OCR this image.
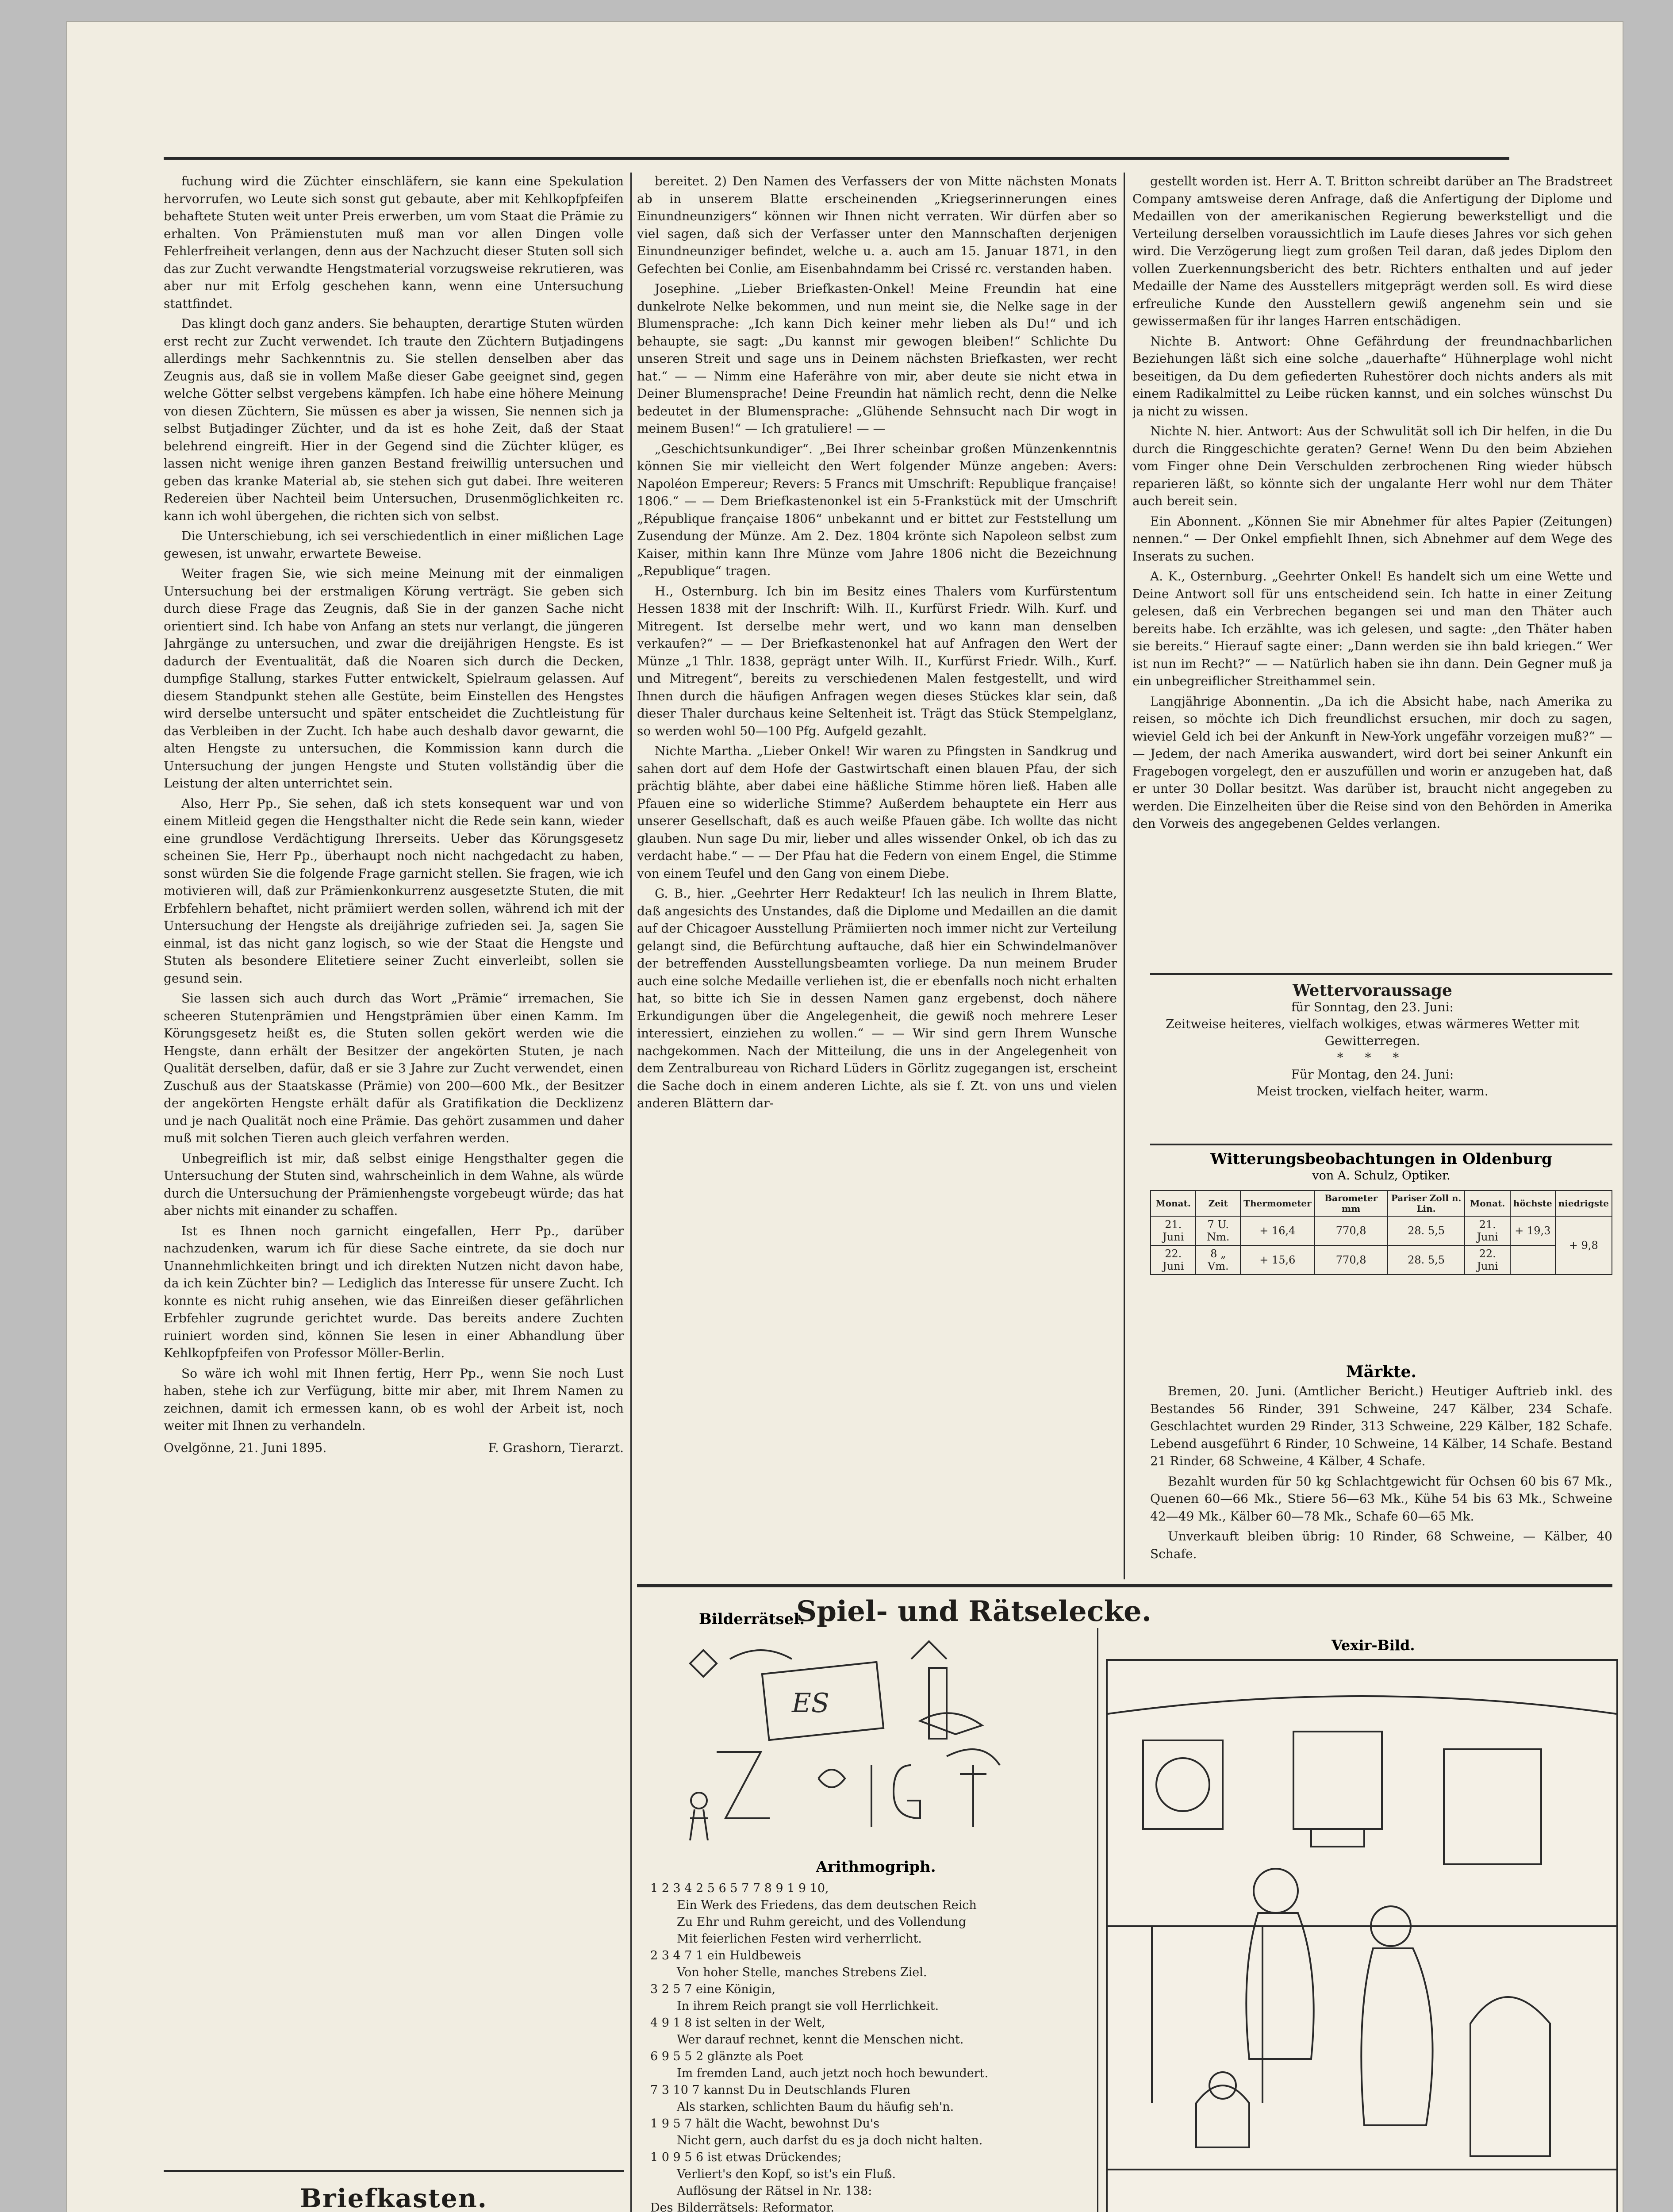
fuchung wird die Züchter einschläfern, sie kann eine Spekulation hervorrufen, wo Leute sich sonst gut gebaute, aber mit Kehlkopfpfeifen behaftete Stuten weit unter Preis erwerben, um vom Staat die Prämie zu erhalten. Von Prämienstuten muß man vor allen Dingen volle Fehlerfreiheit verlangen, denn aus der Nachzucht dieser Stuten soll sich das zur Zucht verwandte Hengstmaterial vorzugsweise rekrutieren, was aber nur mit Erfolg geschehen kann, wenn eine Untersuchung stattfindet.

Das klingt doch ganz anders. Sie behaupten, derartige Stuten würden erst recht zur Zucht verwendet. Ich traute den Züchtern Butjadingens allerdings mehr Sachkenntnis zu. Sie stellen denselben aber das Zeugnis aus, daß sie in vollem Maße dieser Gabe geeignet sind, gegen welche Götter selbst vergebens kämpfen. Ich habe eine höhere Meinung von diesen Züchtern, Sie müssen es aber ja wissen, Sie nennen sich ja selbst Butjadinger Züchter, und da ist es hohe Zeit, daß der Staat belehrend eingreift. Hier in der Gegend sind die Züchter klüger, es lassen nicht wenige ihren ganzen Bestand freiwillig untersuchen und geben das kranke Material ab, sie stehen sich gut dabei. Ihre weiteren Redereien über Nachteil beim Untersuchen, Drusenmöglichkeiten rc. kann ich wohl übergehen, die richten sich von selbst.

Die Unterschiebung, ich sei verschiedentlich in einer mißlichen Lage gewesen, ist unwahr, erwartete Beweise.

Weiter fragen Sie, wie sich meine Meinung mit der einmaligen Untersuchung bei der erstmaligen Körung verträgt. Sie geben sich durch diese Frage das Zeugnis, daß Sie in der ganzen Sache nicht orientiert sind. Ich habe von Anfang an stets nur verlangt, die jüngeren Jahrgänge zu untersuchen, und zwar die dreijährigen Hengste. Es ist dadurch der Eventualität, daß die Noaren sich durch die Decken, dumpfige Stallung, starkes Futter entwickelt, Spielraum gelassen. Auf diesem Standpunkt stehen alle Gestüte, beim Einstellen des Hengstes wird derselbe untersucht und später entscheidet die Zuchtleistung für das Verbleiben in der Zucht. Ich habe auch deshalb davor gewarnt, die alten Hengste zu untersuchen, die Kommission kann durch die Untersuchung der jungen Hengste und Stuten vollständig über die Leistung der alten unterrichtet sein.

Also, Herr Pp., Sie sehen, daß ich stets konsequent war und von einem Mitleid gegen die Hengsthalter nicht die Rede sein kann, wieder eine grundlose Verdächtigung Ihrerseits. Ueber das Körungsgesetz scheinen Sie, Herr Pp., überhaupt noch nicht nachgedacht zu haben, sonst würden Sie die folgende Frage garnicht stellen. Sie fragen, wie ich motivieren will, daß zur Prämienkonkurrenz ausgesetzte Stuten, die mit Erbfehlern behaftet, nicht prämiiert werden sollen, während ich mit der Untersuchung der Hengste als dreijährige zufrieden sei. Ja, sagen Sie einmal, ist das nicht ganz logisch, so wie der Staat die Hengste und Stuten als besondere Elitetiere seiner Zucht einverleibt, sollen sie gesund sein.

Sie lassen sich auch durch das Wort „Prämie“ irremachen, Sie scheeren Stutenprämien und Hengstprämien über einen Kamm. Im Körungsgesetz heißt es, die Stuten sollen gekört werden wie die Hengste, dann erhält der Besitzer der angekörten Stuten, je nach Qualität derselben, dafür, daß er sie 3 Jahre zur Zucht verwendet, einen Zuschuß aus der Staatskasse (Prämie) von 200—600 Mk., der Besitzer der angekörten Hengste erhält dafür als Gratifikation die Decklizenz und je nach Qualität noch eine Prämie. Das gehört zusammen und daher muß mit solchen Tieren auch gleich verfahren werden.

Unbegreiflich ist mir, daß selbst einige Hengsthalter gegen die Untersuchung der Stuten sind, wahrscheinlich in dem Wahne, als würde durch die Untersuchung der Prämienhengste vorgebeugt würde; das hat aber nichts mit einander zu schaffen.

Ist es Ihnen noch garnicht eingefallen, Herr Pp., darüber nachzudenken, warum ich für diese Sache eintrete, da sie doch nur Unannehmlichkeiten bringt und ich direkten Nutzen nicht davon habe, da ich kein Züchter bin? — Lediglich das Interesse für unsere Zucht. Ich konnte es nicht ruhig ansehen, wie das Einreißen dieser gefährlichen Erbfehler zugrunde gerichtet wurde. Das bereits andere Zuchten ruiniert worden sind, können Sie lesen in einer Abhandlung über Kehlkopfpfeifen von Professor Möller-Berlin.

So wäre ich wohl mit Ihnen fertig, Herr Pp., wenn Sie noch Lust haben, stehe ich zur Verfügung, bitte mir aber, mit Ihrem Namen zu zeichnen, damit ich ermessen kann, ob es wohl der Arbeit ist, noch weiter mit Ihnen zu verhandeln.

Ovelgönne, 21. Juni 1895.	F. Grashorn, Tierarzt.
Briefkasten.

bereitet. 2) Den Namen des Verfassers der von Mitte nächsten Monats ab in unserem Blatte erscheinenden „Kriegserinnerungen eines Einundneunzigers“ können wir Ihnen nicht verraten. Wir dürfen aber so viel sagen, daß sich der Verfasser unter den Mannschaften derjenigen Einundneunziger befindet, welche u. a. auch am 15. Januar 1871, in den Gefechten bei Conlie, am Eisenbahndamm bei Crissé rc. verstanden haben.

Josephine. „Lieber Briefkasten-Onkel! Meine Freundin hat eine dunkelrote Nelke bekommen, und nun meint sie, die Nelke sage in der Blumensprache: „Ich kann Dich keiner mehr lieben als Du!“ und ich behaupte, sie sagt: „Du kannst mir gewogen bleiben!“ Schlichte Du unseren Streit und sage uns in Deinem nächsten Briefkasten, wer recht hat.“ — — Nimm eine Haferähre von mir, aber deute sie nicht etwa in Deiner Blumensprache! Deine Freundin hat nämlich recht, denn die Nelke bedeutet in der Blumensprache: „Glühende Sehnsucht nach Dir wogt in meinem Busen!“ — Ich gratuliere! — —

„Geschichtsunkundiger“. „Bei Ihrer scheinbar großen Münzenkenntnis können Sie mir vielleicht den Wert folgender Münze angeben: Avers: Napoléon Empereur; Revers: 5 Francs mit Umschrift: Republique française! 1806.“ — — Dem Briefkastenonkel ist ein 5-Frankstück mit der Umschrift „République française 1806“ unbekannt und er bittet zur Feststellung um Zusendung der Münze. Am 2. Dez. 1804 krönte sich Napoleon selbst zum Kaiser, mithin kann Ihre Münze vom Jahre 1806 nicht die Bezeichnung „Republique“ tragen.

H., Osternburg. Ich bin im Besitz eines Thalers vom Kurfürstentum Hessen 1838 mit der Inschrift: Wilh. II., Kurfürst Friedr. Wilh. Kurf. und Mitregent. Ist derselbe mehr wert, und wo kann man denselben verkaufen?“ — — Der Briefkastenonkel hat auf Anfragen den Wert der Münze „1 Thlr. 1838, geprägt unter Wilh. II., Kurfürst Friedr. Wilh., Kurf. und Mitregent“, bereits zu verschiedenen Malen festgestellt, und wird Ihnen durch die häufigen Anfragen wegen dieses Stückes klar sein, daß dieser Thaler durchaus keine Seltenheit ist. Trägt das Stück Stempelglanz, so werden wohl 50—100 Pfg. Aufgeld gezahlt.

Nichte Martha. „Lieber Onkel! Wir waren zu Pfingsten in Sandkrug und sahen dort auf dem Hofe der Gastwirtschaft einen blauen Pfau, der sich prächtig blähte, aber dabei eine häßliche Stimme hören ließ. Haben alle Pfauen eine so widerliche Stimme? Außerdem behauptete ein Herr aus unserer Gesellschaft, daß es auch weiße Pfauen gäbe. Ich wollte das nicht glauben. Nun sage Du mir, lieber und alles wissender Onkel, ob ich das zu verdacht habe.“ — — Der Pfau hat die Federn von einem Engel, die Stimme von einem Teufel und den Gang von einem Diebe.

G. B., hier. „Geehrter Herr Redakteur! Ich las neulich in Ihrem Blatte, daß angesichts des Unstandes, daß die Diplome und Medaillen an die damit auf der Chicagoer Ausstellung Prämiierten noch immer nicht zur Verteilung gelangt sind, die Befürchtung auftauche, daß hier ein Schwindelmanöver der betreffenden Ausstellungsbeamten vorliege. Da nun meinem Bruder auch eine solche Medaille verliehen ist, die er ebenfalls noch nicht erhalten hat, so bitte ich Sie in dessen Namen ganz ergebenst, doch nähere Erkundigungen über die Angelegenheit, die gewiß noch mehrere Leser interessiert, einziehen zu wollen.“ — — Wir sind gern Ihrem Wunsche nachgekommen. Nach der Mitteilung, die uns in der Angelegenheit von dem Zentralbureau von Richard Lüders in Görlitz zugegangen ist, erscheint die Sache doch in einem anderen Lichte, als sie f. Zt. von uns und vielen anderen Blättern dar-

gestellt worden ist. Herr A. T. Britton schreibt darüber an The Bradstreet Company amtsweise deren Anfrage, daß die Anfertigung der Diplome und Medaillen von der amerikanischen Regierung bewerkstelligt und die Verteilung derselben voraussichtlich im Laufe dieses Jahres vor sich gehen wird. Die Verzögerung liegt zum großen Teil daran, daß jedes Diplom den vollen Zuerkennungsbericht des betr. Richters enthalten und auf jeder Medaille der Name des Ausstellers mitgeprägt werden soll. Es wird diese erfreuliche Kunde den Ausstellern gewiß angenehm sein und sie gewissermaßen für ihr langes Harren entschädigen.

Nichte B. Antwort: Ohne Gefährdung der freundnachbarlichen Beziehungen läßt sich eine solche „dauerhafte“ Hühnerplage wohl nicht beseitigen, da Du dem gefiederten Ruhestörer doch nichts anders als mit einem Radikalmittel zu Leibe rücken kannst, und ein solches wünschst Du ja nicht zu wissen.

Nichte N. hier. Antwort: Aus der Schwulität soll ich Dir helfen, in die Du durch die Ringgeschichte geraten? Gerne! Wenn Du den beim Abziehen vom Finger ohne Dein Verschulden zerbrochenen Ring wieder hübsch reparieren läßt, so könnte sich der ungalante Herr wohl nur dem Thäter auch bereit sein.

Ein Abonnent. „Können Sie mir Abnehmer für altes Papier (Zeitungen) nennen.“ — Der Onkel empfiehlt Ihnen, sich Abnehmer auf dem Wege des Inserats zu suchen.

A. K., Osternburg. „Geehrter Onkel! Es handelt sich um eine Wette und Deine Antwort soll für uns entscheidend sein. Ich hatte in einer Zeitung gelesen, daß ein Verbrechen begangen sei und man den Thäter auch bereits habe. Ich erzählte, was ich gelesen, und sagte: „den Thäter haben sie bereits.“ Hierauf sagte einer: „Dann werden sie ihn bald kriegen.“ Wer ist nun im Recht?“ — — Natürlich haben sie ihn dann. Dein Gegner muß ja ein unbegreiflicher Streithammel sein.

Langjährige Abonnentin. „Da ich die Absicht habe, nach Amerika zu reisen, so möchte ich Dich freundlichst ersuchen, mir doch zu sagen, wieviel Geld ich bei der Ankunft in New-York ungefähr vorzeigen muß?“ — — Jedem, der nach Amerika auswandert, wird dort bei seiner Ankunft ein Fragebogen vorgelegt, den er auszufüllen und worin er anzugeben hat, daß er unter 30 Dollar besitzt. Was darüber ist, braucht nicht angegeben zu werden. Die Einzelheiten über die Reise sind von den Behörden in Amerika den Vorweis des angegebenen Geldes verlangen.

Wettervoraussage
für Sonntag, den 23. Juni:
Zeitweise heiteres, vielfach wolkiges, etwas wärmeres Wetter mit Gewitterregen.
* * *
Für Montag, den 24. Juni:
Meist trocken, vielfach heiter, warm.
Witterungsbeobachtungen in Oldenburg
von A. Schulz, Optiker.
Monat.	Zeit	Thermometer	Barometer mm	Pariser Zoll n. Lin.	Monat.	höchste	niedrigste
21. Juni	7 U. Nm.	+ 16,4	770,8	28. 5,5	21. Juni	+ 19,3	+ 9,8
22. Juni	8 „ Vm.	+ 15,6	770,8	28. 5,5	22. Juni		
Märkte.

Bremen, 20. Juni. (Amtlicher Bericht.) Heutiger Auftrieb inkl. des Bestandes 56 Rinder, 391 Schweine, 247 Kälber, 234 Schafe. Geschlachtet wurden 29 Rinder, 313 Schweine, 229 Kälber, 182 Schafe. Lebend ausgeführt 6 Rinder, 10 Schweine, 14 Kälber, 14 Schafe. Bestand 21 Rinder, 68 Schweine, 4 Kälber, 4 Schafe.

Bezahlt wurden für 50 kg Schlachtgewicht für Ochsen 60 bis 67 Mk., Quenen 60—66 Mk., Stiere 56—63 Mk., Kühe 54 bis 63 Mk., Schweine 42—49 Mk., Kälber 60—78 Mk., Schafe 60—65 Mk.

Unverkauft bleiben übrig: 10 Rinder, 68 Schweine, — Kälber, 40 Schafe.

Spiel- und Rätselecke.
Bilderrätsel.
ES
Arithmogriph.

1 2 3 4 2 5 6 5 7 7 8 9 1 9 10,

Ein Werk des Friedens, das dem deutschen Reich

Zu Ehr und Ruhm gereicht, und des Vollendung

Mit feierlichen Festen wird verherrlicht.

2 3 4 7 1 ein Huldbeweis

Von hoher Stelle, manches Strebens Ziel.

3 2 5 7 eine Königin,

In ihrem Reich prangt sie voll Herrlichkeit.

4 9 1 8 ist selten in der Welt,

Wer darauf rechnet, kennt die Menschen nicht.

6 9 5 5 2 glänzte als Poet

Im fremden Land, auch jetzt noch hoch bewundert.

7 3 10 7 kannst Du in Deutschlands Fluren

Als starken, schlichten Baum du häufig seh'n.

1 9 5 7 hält die Wacht, bewohnst Du's

Nicht gern, auch darfst du es ja doch nicht halten.

1 0 9 5 6 ist etwas Drückendes;

Verliert's den Kopf, so ist's ein Fluß.

Auflösung der Rätsel in Nr. 138:

Des Bilderrätsels: Reformator.

Vexir-Bild.
